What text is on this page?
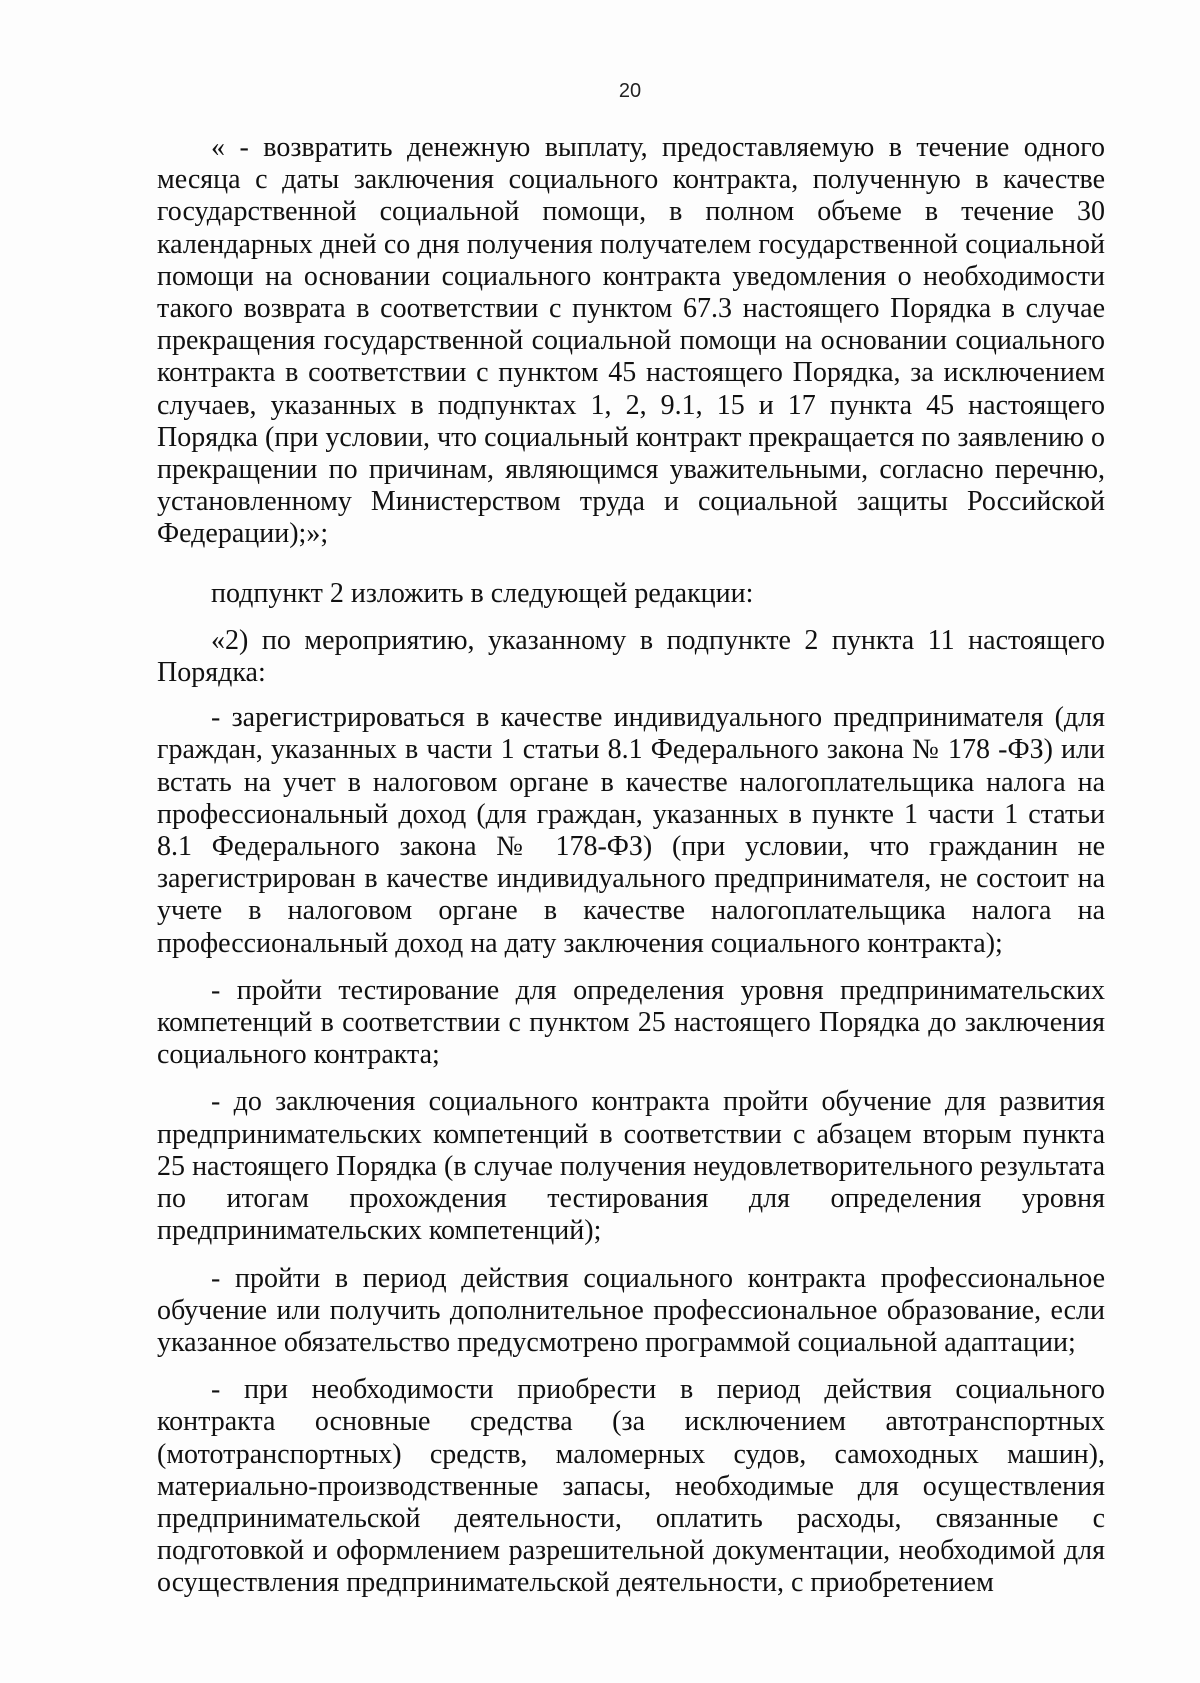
20

« - возвратить денежную выплату, предоставляемую в течение одного месяца с даты заключения социального контракта, полученную в качестве государственной социальной помощи, в полном объеме в течение 30 календарных дней со дня получения получателем государственной социальной помощи на основании социального контракта уведомления о необходимости такого возврата в соответствии с пунктом 67.3 настоящего Порядка в случае прекращения государственной социальной помощи на основании социального контракта в соответствии с пунктом 45 настоящего Порядка, за исключением случаев, указанных в подпунктах 1, 2, 9.1, 15 и 17 пункта 45 настоящего Порядка (при условии, что социальный контракт прекращается по заявлению о прекращении по причинам, являющимся уважительными, согласно перечню, установленному Министерством труда и социальной защиты Российской Федерации);»;

подпункт 2 изложить в следующей редакции:

«2) по мероприятию, указанному в подпункте 2 пункта 11 настоящего Порядка:

- зарегистрироваться в качестве индивидуального предпринимателя (для граждан, указанных в части 1 статьи 8.1 Федерального закона № 178 -ФЗ) или встать на учет в налоговом органе в качестве налогоплательщика налога на профессиональный доход (для граждан, указанных в пункте 1 части 1 статьи 8.1 Федерального закона № 178-ФЗ) (при условии, что гражданин не зарегистрирован в качестве индивидуального предпринимателя, не состоит на учете в налоговом органе в качестве налогоплательщика налога на профессиональный доход на дату заключения социального контракта);

- пройти тестирование для определения уровня предпринимательских компетенций в соответствии с пунктом 25 настоящего Порядка до заключения социального контракта;

- до заключения социального контракта пройти обучение для развития предпринимательских компетенций в соответствии с абзацем вторым пункта 25 настоящего Порядка (в случае получения неудовлетворительного результата по итогам прохождения тестирования для определения уровня предпринимательских компетенций);

- пройти в период действия социального контракта профессиональное обучение или получить дополнительное профессиональное образование, если указанное обязательство предусмотрено программой социальной адаптации;

- при необходимости приобрести в период действия социального контракта основные средства (за исключением автотранспортных (мототранспортных) средств, маломерных судов, самоходных машин), материально-производственные запасы, необходимые для осуществления предпринимательской деятельности, оплатить расходы, связанные с подготовкой и оформлением разрешительной документации, необходимой для осуществления предпринимательской деятельности, с приобретением
